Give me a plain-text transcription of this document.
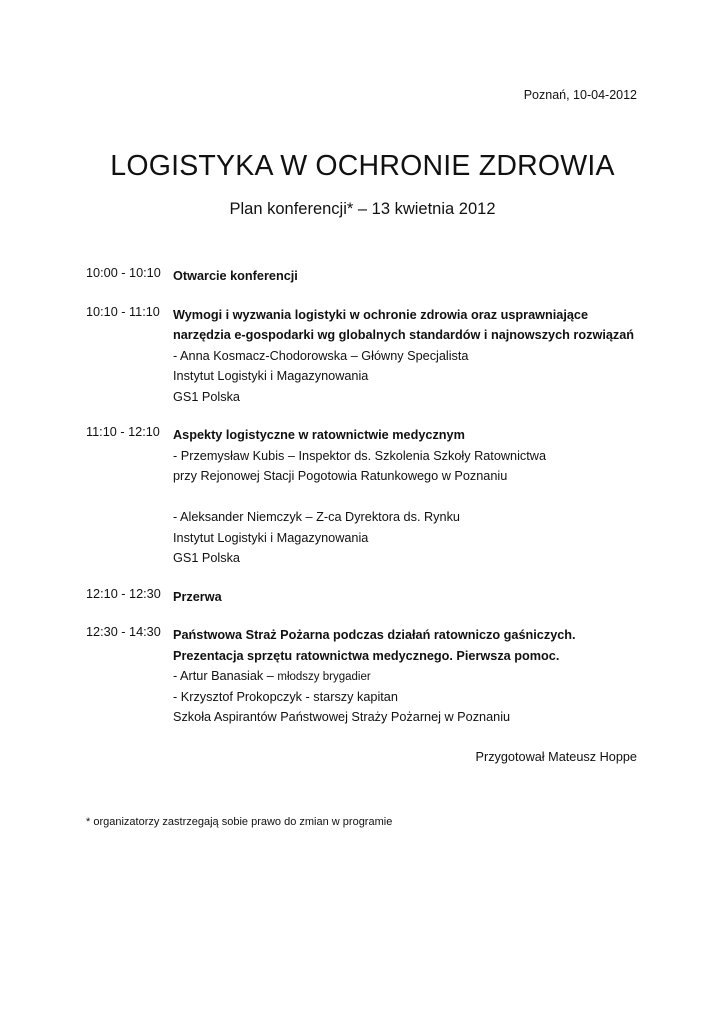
Poznań, 10-04-2012
LOGISTYKA W OCHRONIE ZDROWIA
Plan konferencji* – 13 kwietnia 2012
10:00 - 10:10 Otwarcie konferencji
10:10 - 11:10	Wymogi i wyzwania logistyki w ochronie zdrowia oraz usprawniające
narzędzia e-gospodarki wg globalnych standardów i najnowszych rozwiązań
- Anna Kosmacz-Chodorowska – Główny Specjalista
Instytut Logistyki i Magazynowania
GS1 Polska
11:10 - 12:10	Aspekty logistyczne w ratownictwie medycznym
- Przemysław Kubis – Inspektor ds. Szkolenia Szkoły Ratownictwa
przy Rejonowej Stacji Pogotowia Ratunkowego w Poznaniu
- Aleksander Niemczyk – Z-ca Dyrektora ds. Rynku
Instytut Logistyki i Magazynowania
GS1 Polska
12:10 - 12:30 Przerwa
12:30 - 14:30 Państwowa Straż Pożarna podczas działań ratowniczo gaśniczych.
Prezentacja sprzętu ratownictwa medycznego. Pierwsza pomoc.
- Artur Banasiak – młodszy brygadier
- Krzysztof Prokopczyk - starszy kapitan
Szkoła Aspirantów Państwowej Straży Pożarnej w Poznaniu
Przygotował Mateusz Hoppe
* organizatorzy zastrzegają sobie prawo do zmian w programie
